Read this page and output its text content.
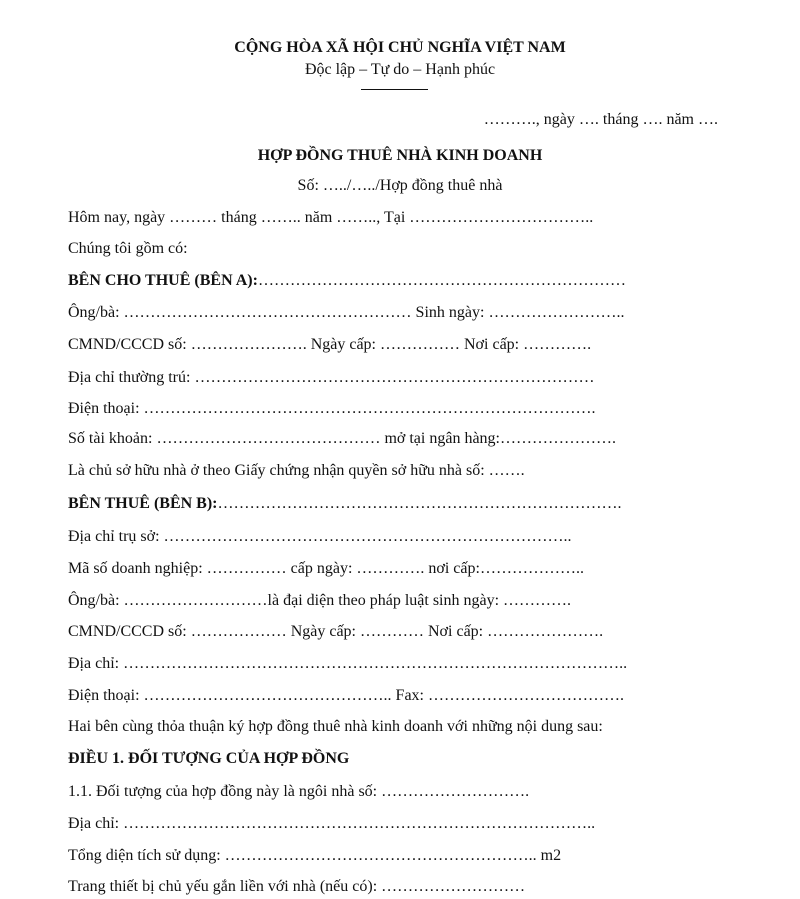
CỘNG HÒA XÃ HỘI CHỦ NGHĨA VIỆT NAM
Độc lập – Tự do – Hạnh phúc
………., ngày …. tháng …. năm ….
HỢP ĐỒNG THUÊ NHÀ KINH DOANH
Số: …../…../Hợp đồng thuê nhà
Hôm nay, ngày ……… tháng …….. năm …….., Tại ……………………………..
Chúng tôi gồm có:
BÊN CHO THUÊ (BÊN A):……………………………………………………………
Ông/bà: ……………………………………………… Sinh ngày: ……………………..
CMND/CCCD số: …………………. Ngày cấp: …………… Nơi cấp: ………….
Địa chỉ thường trú: …………………………………………………………………
Điện thoại: ………………………………………………………………………….
Số tài khoản: …………………………………… mở tại ngân hàng:………………….
Là chủ sở hữu nhà ở theo Giấy chứng nhận quyền sở hữu nhà số: …….
BÊN THUÊ (BÊN B):………………………………………………………………….
Địa chỉ trụ sở: …………………………………………………………………..
Mã số doanh nghiệp: …………… cấp ngày: …………. nơi cấp:………………..
Ông/bà: ………………………là đại diện theo pháp luật sinh ngày: ………….
CMND/CCCD số: ……………… Ngày cấp: ………… Nơi cấp: ………………….
Địa chỉ: …………………………………………………………………………………..
Điện thoại: ……………………………………….. Fax: ……………………………….
Hai bên cùng thỏa thuận ký hợp đồng thuê nhà kinh doanh với những nội dung sau:
ĐIỀU 1. ĐỐI TƯỢNG CỦA HỢP ĐỒNG
1.1. Đối tượng của hợp đồng này là ngôi nhà số: ……………………….
Địa chỉ: ……………………………………………………………………………..
Tổng diện tích sử dụng: ………………………………………………….. m2
Trang thiết bị chủ yếu gắn liền với nhà (nếu có): ………………………
